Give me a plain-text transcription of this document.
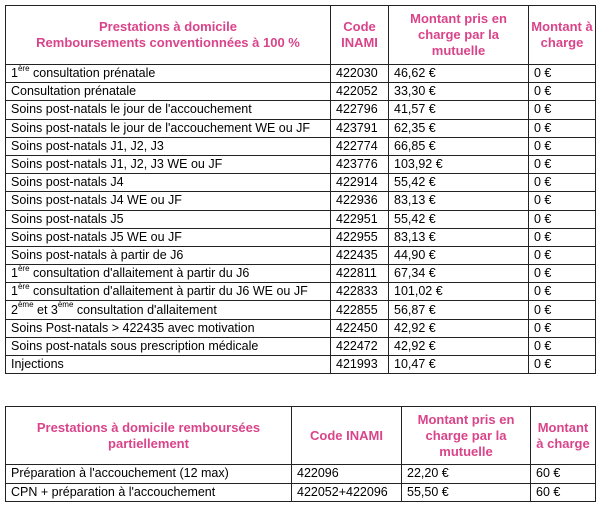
Prestations à domicile
Remboursements conventionnées à 100 %	Code INAMI	Montant pris en charge par la mutuelle	Montant à charge
1ère consultation prénatale	422030	46,62 €	0 €
Consultation prénatale	422052	33,30 €	0 €
Soins post-natals le jour de l'accouchement	422796	41,57 €	0 €
Soins post-natals le jour de l'accouchement WE ou JF	423791	62,35 €	0 €
Soins post-natals J1, J2, J3	422774	66,85 €	0 €
Soins post-natals J1, J2, J3 WE ou JF	423776	103,92 €	0 €
Soins post-natals J4	422914	55,42 €	0 €
Soins post-natals J4 WE ou JF	422936	83,13 €	0 €
Soins post-natals J5	422951	55,42 €	0 €
Soins post-natals J5 WE ou JF	422955	83,13 €	0 €
Soins post-natals à partir de J6	422435	44,90 €	0 €
1ère consultation d'allaitement à partir du J6	422811	67,34 €	0 €
1ère consultation d'allaitement à partir du J6 WE ou JF	422833	101,02 €	0 €
2ème et 3ème consultation d'allaitement	422855	56,87 €	0 €
Soins Post-natals > 422435 avec motivation	422450	42,92 €	0 €
Soins post-natals sous prescription médicale	422472	42,92 €	0 €
Injections	421993	10,47 €	0 €
Prestations à domicile remboursées partiellement	Code INAMI	Montant pris en charge par la mutuelle	Montant à charge
Préparation à l'accouchement (12 max)	422096	22,20 €	60 €
CPN + préparation à l'accouchement	422052+422096	55,50 €	60 €
